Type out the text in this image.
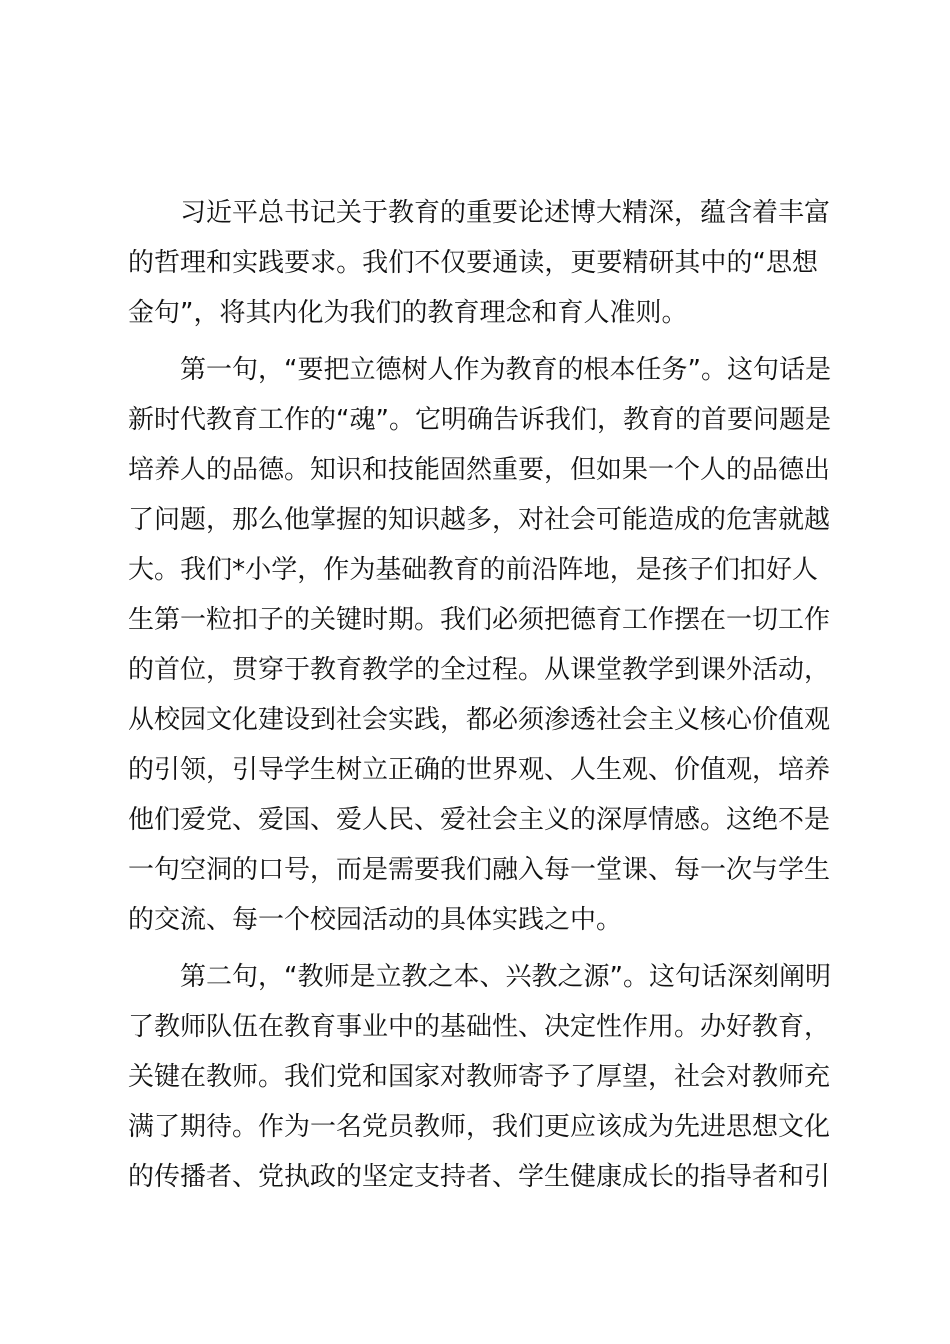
习近平总书记关于教育的重要论述博大精深，蕴含着丰富
的哲理和实践要求。我们不仅要通读，更要精研其中的“思想
金句”，将其内化为我们的教育理念和育人准则。
第一句，“要把立德树人作为教育的根本任务”。这句话是
新时代教育工作的“魂”。它明确告诉我们，教育的首要问题是
培养人的品德。知识和技能固然重要，但如果一个人的品德出
了问题，那么他掌握的知识越多，对社会可能造成的危害就越
大。我们*小学，作为基础教育的前沿阵地，是孩子们扣好人
生第一粒扣子的关键时期。我们必须把德育工作摆在一切工作
的首位，贯穿于教育教学的全过程。从课堂教学到课外活动，
从校园文化建设到社会实践，都必须渗透社会主义核心价值观
的引领，引导学生树立正确的世界观、人生观、价值观，培养
他们爱党、爱国、爱人民、爱社会主义的深厚情感。这绝不是
一句空洞的口号，而是需要我们融入每一堂课、每一次与学生
的交流、每一个校园活动的具体实践之中。
第二句，“教师是立教之本、兴教之源”。这句话深刻阐明
了教师队伍在教育事业中的基础性、决定性作用。办好教育，
关键在教师。我们党和国家对教师寄予了厚望，社会对教师充
满了期待。作为一名党员教师，我们更应该成为先进思想文化
的传播者、党执政的坚定支持者、学生健康成长的指导者和引
